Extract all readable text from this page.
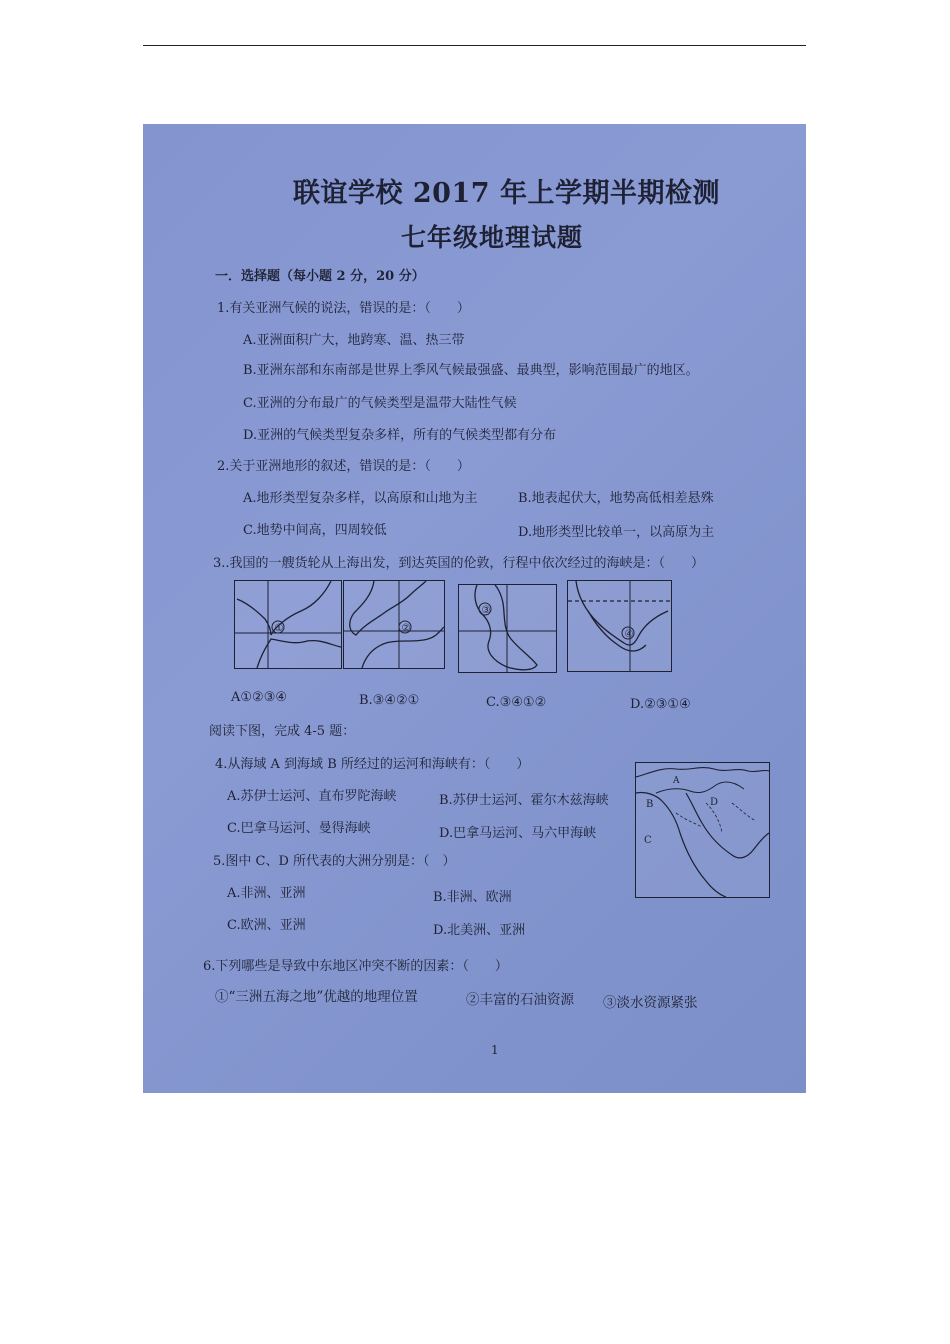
联谊学校 2017 年上学期半期检测
七年级地理试题
一．选择题（每小题 2 分，20 分）
1.有关亚洲气候的说法，错误的是：（　　）
A.亚洲面积广大，地跨寒、温、热三带
B.亚洲东部和东南部是世界上季风气候最强盛、最典型，影响范围最广的地区。
C.亚洲的分布最广的气候类型是温带大陆性气候
D.亚洲的气候类型复杂多样，所有的气候类型都有分布
2.关于亚洲地形的叙述，错误的是：（　　）
A.地形类型复杂多样，以高原和山地为主	B.地表起伏大，地势高低相差悬殊
C.地势中间高，四周较低	D.地形类型比较单一，以高原为主
3..我国的一艘货轮从上海出发，到达英国的伦敦，行程中依次经过的海峡是：（　　）
①	②
③
④
A①②③④	B.③④②①	C.③④①②	D.②③①④
阅读下图，完成 4-5 题：
4.从海域 A 到海域 B 所经过的运河和海峡有：（　　）
A.苏伊士运河、直布罗陀海峡	B.苏伊士运河、霍尔木兹海峡
C.巴拿马运河、曼得海峡	D.巴拿马运河、马六甲海峡
A
B
C
D
5.图中 C、D 所代表的大洲分别是：（　）
A.非洲、亚洲	B.非洲、欧洲
C.欧洲、亚洲	D.北美洲、亚洲
6.下列哪些是导致中东地区冲突不断的因素：（　　）
①“三洲五海之地”优越的地理位置	②丰富的石油资源 ③淡水资源紧张
1
